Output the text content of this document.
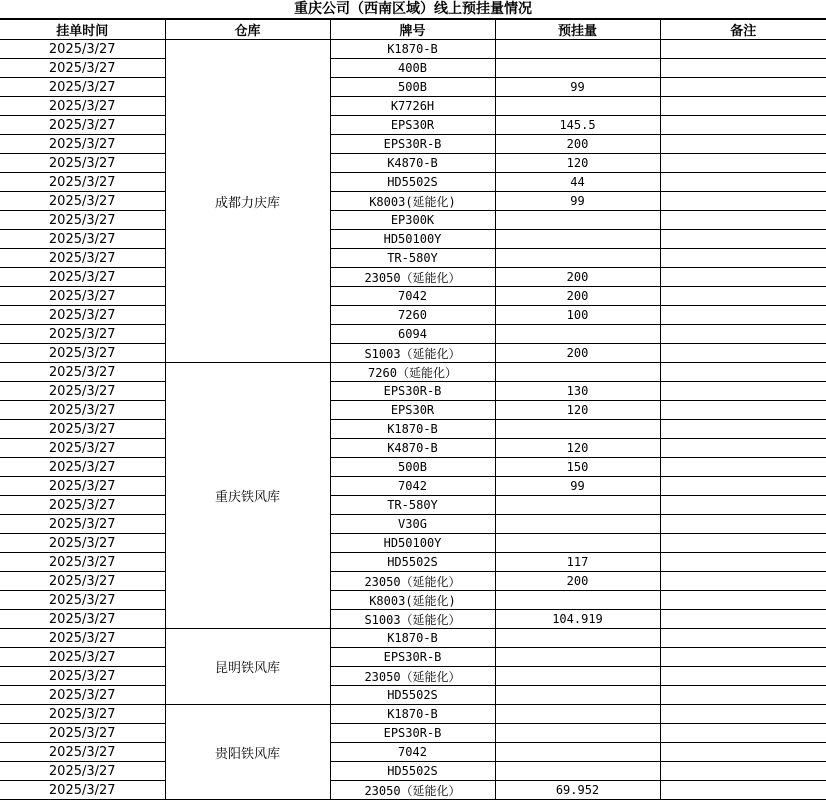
重庆公司（西南区域）线上预挂量情况
挂单时间	仓库	牌号	预挂量	备注
2025/3/27	成都力庆库	K1870-B		
2025/3/27		400B		
2025/3/27		500B	99	
2025/3/27		K7726H		
2025/3/27		EPS30R	145.5	
2025/3/27		EPS30R-B	200	
2025/3/27		K4870-B	120	
2025/3/27		HD5502S	44	
2025/3/27		K8003(延能化)	99	
2025/3/27		EP300K		
2025/3/27		HD50100Y		
2025/3/27		TR-580Y		
2025/3/27		23050（延能化）	200	
2025/3/27		7042	200	
2025/3/27		7260	100	
2025/3/27		6094		
2025/3/27		S1003（延能化）	200	
2025/3/27	重庆铁风库	7260（延能化）		
2025/3/27		EPS30R-B	130	
2025/3/27		EPS30R	120	
2025/3/27		K1870-B		
2025/3/27		K4870-B	120	
2025/3/27		500B	150	
2025/3/27		7042	99	
2025/3/27		TR-580Y		
2025/3/27		V30G		
2025/3/27		HD50100Y		
2025/3/27		HD5502S	117	
2025/3/27		23050（延能化）	200	
2025/3/27		K8003(延能化)		
2025/3/27		S1003（延能化）	104.919	
2025/3/27	昆明铁风库	K1870-B		
2025/3/27		EPS30R-B		
2025/3/27		23050（延能化）		
2025/3/27		HD5502S		
2025/3/27	贵阳铁风库	K1870-B		
2025/3/27		EPS30R-B		
2025/3/27		7042		
2025/3/27		HD5502S		
2025/3/27		23050（延能化）	69.952	
